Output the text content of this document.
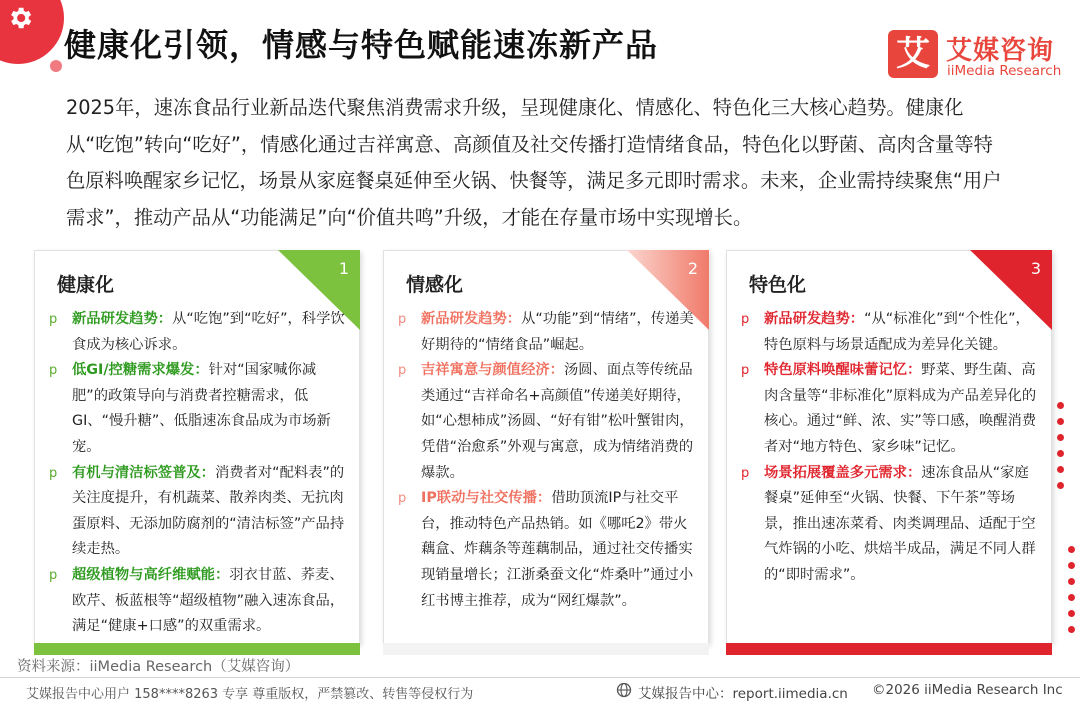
健康化引领，情感与特色赋能速冻新产品	艾 艾媒咨询
iiMedia Research
2025年，速冻食品行业新品迭代聚焦消费需求升级，呈现健康化、情感化、特色化三大核心趋势。健康化从“吃饱”转向“吃好”，情感化通过吉祥寓意、高颜值及社交传播打造情绪食品，特色化以野菌、高肉含量等特色原料唤醒家乡记忆，场景从家庭餐桌延伸至火锅、快餐等，满足多元即时需求。未来，企业需持续聚焦“用户需求”，推动产品从“功能满足”向“价值共鸣”升级，才能在存量市场中实现增长。
1
健康化
p 新品研发趋势：从“吃饱”到“吃好”，科学饮食成为核心诉求。
p 低GI/控糖需求爆发：针对“国家喊你减肥”的政策导向与消费者控糖需求，低GI、“慢升糖”、低脂速冻食品成为市场新宠。
p 有机与清洁标签普及：消费者对“配料表”的关注度提升，有机蔬菜、散养肉类、无抗肉蛋原料、无添加防腐剂的“清洁标签”产品持续走热。
p 超级植物与高纤维赋能：羽衣甘蓝、荞麦、欧芹、板蓝根等“超级植物”融入速冻食品，满足“健康+口感”的双重需求。
2
情感化
p 新品研发趋势：从“功能”到“情绪”，传递美好期待的“情绪食品”崛起。
p 吉祥寓意与颜值经济：汤圆、面点等传统品类通过“吉祥命名+高颜值”传递美好期待，如“心想柿成”汤圆、“好有钳”松叶蟹钳肉，凭借“治愈系”外观与寓意，成为情绪消费的爆款。
p IP联动与社交传播：借助顶流IP与社交平台，推动特色产品热销。如《哪吒2》带火藕盒、炸藕条等莲藕制品，通过社交传播实现销量增长；江浙桑蚕文化“炸桑叶”通过小红书博主推荐，成为“网红爆款”。
3
特色化
p 新品研发趋势：“从“标准化”到“个性化”，特色原料与场景适配成为差异化关键。
p 特色原料唤醒味蕾记忆：野菜、野生菌、高肉含量等“非标准化”原料成为产品差异化的核心。通过“鲜、浓、实”等口感，唤醒消费者对“地方特色、家乡味”记忆。
p 场景拓展覆盖多元需求：速冻食品从“家庭餐桌”延伸至“火锅、快餐、下午茶”等场景，推出速冻菜肴、肉类调理品、适配于空气炸锅的小吃、烘焙半成品，满足不同人群的“即时需求”。
资料来源：iiMedia Research（艾媒咨询）
艾媒报告中心用户 158****8263 专享 尊重版权，严禁篡改、转售等侵权行为	艾媒报告中心：report.iimedia.cn ©2026 iiMedia Research Inc
